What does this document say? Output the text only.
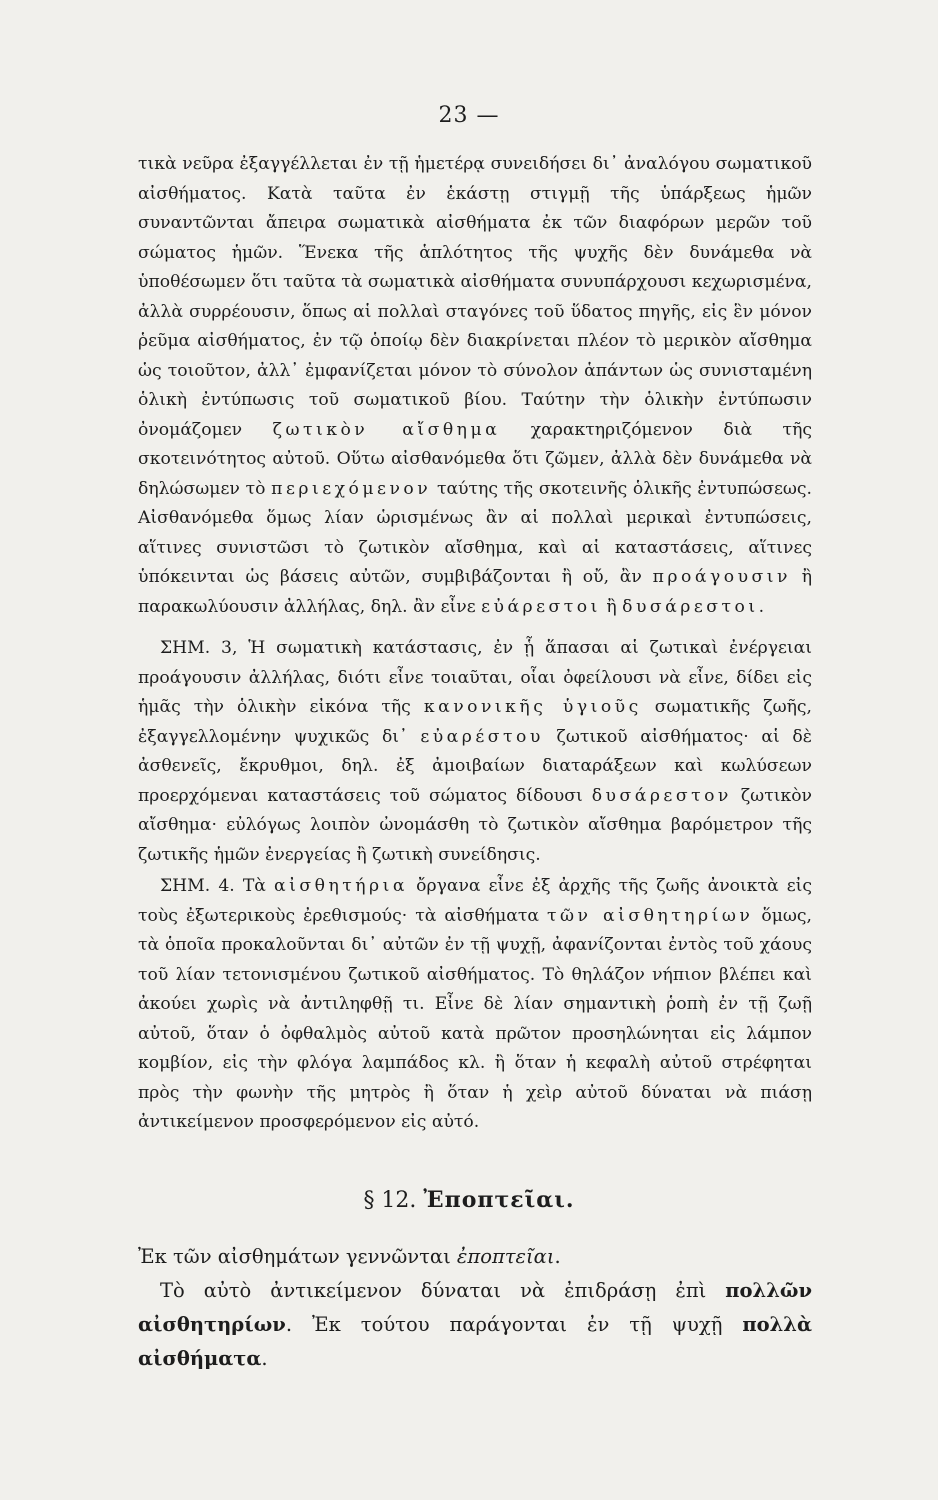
23 —

τικὰ νεῦρα ἐξαγγέλλεται ἐν τῇ ἡμετέρᾳ συνειδήσει δι᾽ ἀναλόγου σωματικοῦ αἰσθήματος. Κατὰ ταῦτα ἐν ἑκάστῃ στιγμῇ τῆς ὑπάρξεως ἡμῶν συναντῶνται ἄπειρα σωματικὰ αἰσθήματα ἐκ τῶν διαφόρων μερῶν τοῦ σώματος ἡμῶν. Ἕνεκα τῆς ἁπλότητος τῆς ψυχῆς δὲν δυνάμεθα νὰ ὑποθέσωμεν ὅτι ταῦτα τὰ σωματικὰ αἰσθήματα συνυπάρχουσι κεχωρισμένα, ἀλλὰ συρρέουσιν, ὅπως αἱ πολλαὶ σταγόνες τοῦ ὕδατος πηγῆς, εἰς ἓν μόνον ῥεῦμα αἰσθήματος, ἐν τῷ ὁποίῳ δὲν διακρίνεται πλέον τὸ μερικὸν αἴσθημα ὡς τοιοῦτον, ἀλλ᾽ ἐμφανίζεται μόνον τὸ σύνολον ἁπάντων ὡς συνισταμένη ὁλικὴ ἐντύπωσις τοῦ σωματικοῦ βίου. Ταύτην τὴν ὁλικὴν ἐντύπωσιν ὀνομάζομεν ζωτικὸν αἴσθημα χαρακτηριζόμενον διὰ τῆς σκοτεινότητος αὐτοῦ. Οὕτω αἰσθανόμεθα ὅτι ζῶμεν, ἀλλὰ δὲν δυνάμεθα νὰ δηλώσωμεν τὸ περιεχόμενον ταύτης τῆς σκοτεινῆς ὁλικῆς ἐντυπώσεως. Αἰσθανόμεθα ὅμως λίαν ὡρισμένως ἂν αἱ πολλαὶ μερικαὶ ἐντυπώσεις, αἵτινες συνιστῶσι τὸ ζωτικὸν αἴσθημα, καὶ αἱ καταστάσεις, αἵτινες ὑπόκεινται ὡς βάσεις αὐτῶν, συμβιβάζονται ἢ οὔ, ἂν προάγουσιν ἢ παρακωλύουσιν ἀλλήλας, δηλ. ἂν εἶνε εὐάρεστοι ἢ δυσάρεστοι.

ΣΗΜ. 3, Ἡ σωματικὴ κατάστασις, ἐν ᾗ ἅπασαι αἱ ζωτικαὶ ἐνέργειαι προάγουσιν ἀλλήλας, διότι εἶνε τοιαῦται, οἷαι ὀφείλουσι νὰ εἶνε, δίδει εἰς ἡμᾶς τὴν ὁλικὴν εἰκόνα τῆς κανονικῆς ὑγιοῦς σωματικῆς ζωῆς, ἐξαγγελλομένην ψυχικῶς δι᾽ εὐαρέστου ζωτικοῦ αἰσθήματος· αἱ δὲ ἀσθενεῖς, ἔκρυθμοι, δηλ. ἐξ ἀμοιβαίων διαταράξεων καὶ κωλύσεων προερχόμεναι καταστάσεις τοῦ σώματος δίδουσι δυσάρεστον ζωτικὸν αἴσθημα· εὐλόγως λοιπὸν ὠνομάσθη τὸ ζωτικὸν αἴσθημα βαρόμετρον τῆς ζωτικῆς ἡμῶν ἐνεργείας ἢ ζωτικὴ συνείδησις.

ΣΗΜ. 4. Τὰ αἰσθητήρια ὄργανα εἶνε ἐξ ἀρχῆς τῆς ζωῆς ἀνοικτὰ εἰς τοὺς ἐξωτερικοὺς ἐρεθισμούς· τὰ αἰσθήματα τῶν αἰσθητηρίων ὅμως, τὰ ὁποῖα προκαλοῦνται δι᾽ αὐτῶν ἐν τῇ ψυχῇ, ἀφανίζονται ἐντὸς τοῦ χάους τοῦ λίαν τετονισμένου ζωτικοῦ αἰσθήματος. Τὸ θηλάζον νήπιον βλέπει καὶ ἀκούει χωρὶς νὰ ἀντιληφθῇ τι. Εἶνε δὲ λίαν σημαντικὴ ῥοπὴ ἐν τῇ ζωῇ αὐτοῦ, ὅταν ὁ ὀφθαλμὸς αὐτοῦ κατὰ πρῶτον προσηλώνηται εἰς λάμπον κομβίον, εἰς τὴν φλόγα λαμπάδος κλ. ἢ ὅταν ἡ κεφαλὴ αὐτοῦ στρέφηται πρὸς τὴν φωνὴν τῆς μητρὸς ἢ ὅταν ἡ χεὶρ αὐτοῦ δύναται νὰ πιάσῃ ἀντικείμενον προσφερόμενον εἰς αὐτό.

§ 12. Ἐποπτεῖαι.

Ἐκ τῶν αἰσθημάτων γεννῶνται ἐποπτεῖαι.

Τὸ αὐτὸ ἀντικείμενον δύναται νὰ ἐπιδράσῃ ἐπὶ πολλῶν αἰσθητηρίων. Ἐκ τούτου παράγονται ἐν τῇ ψυχῇ πολλὰ αἰσθήματα.
